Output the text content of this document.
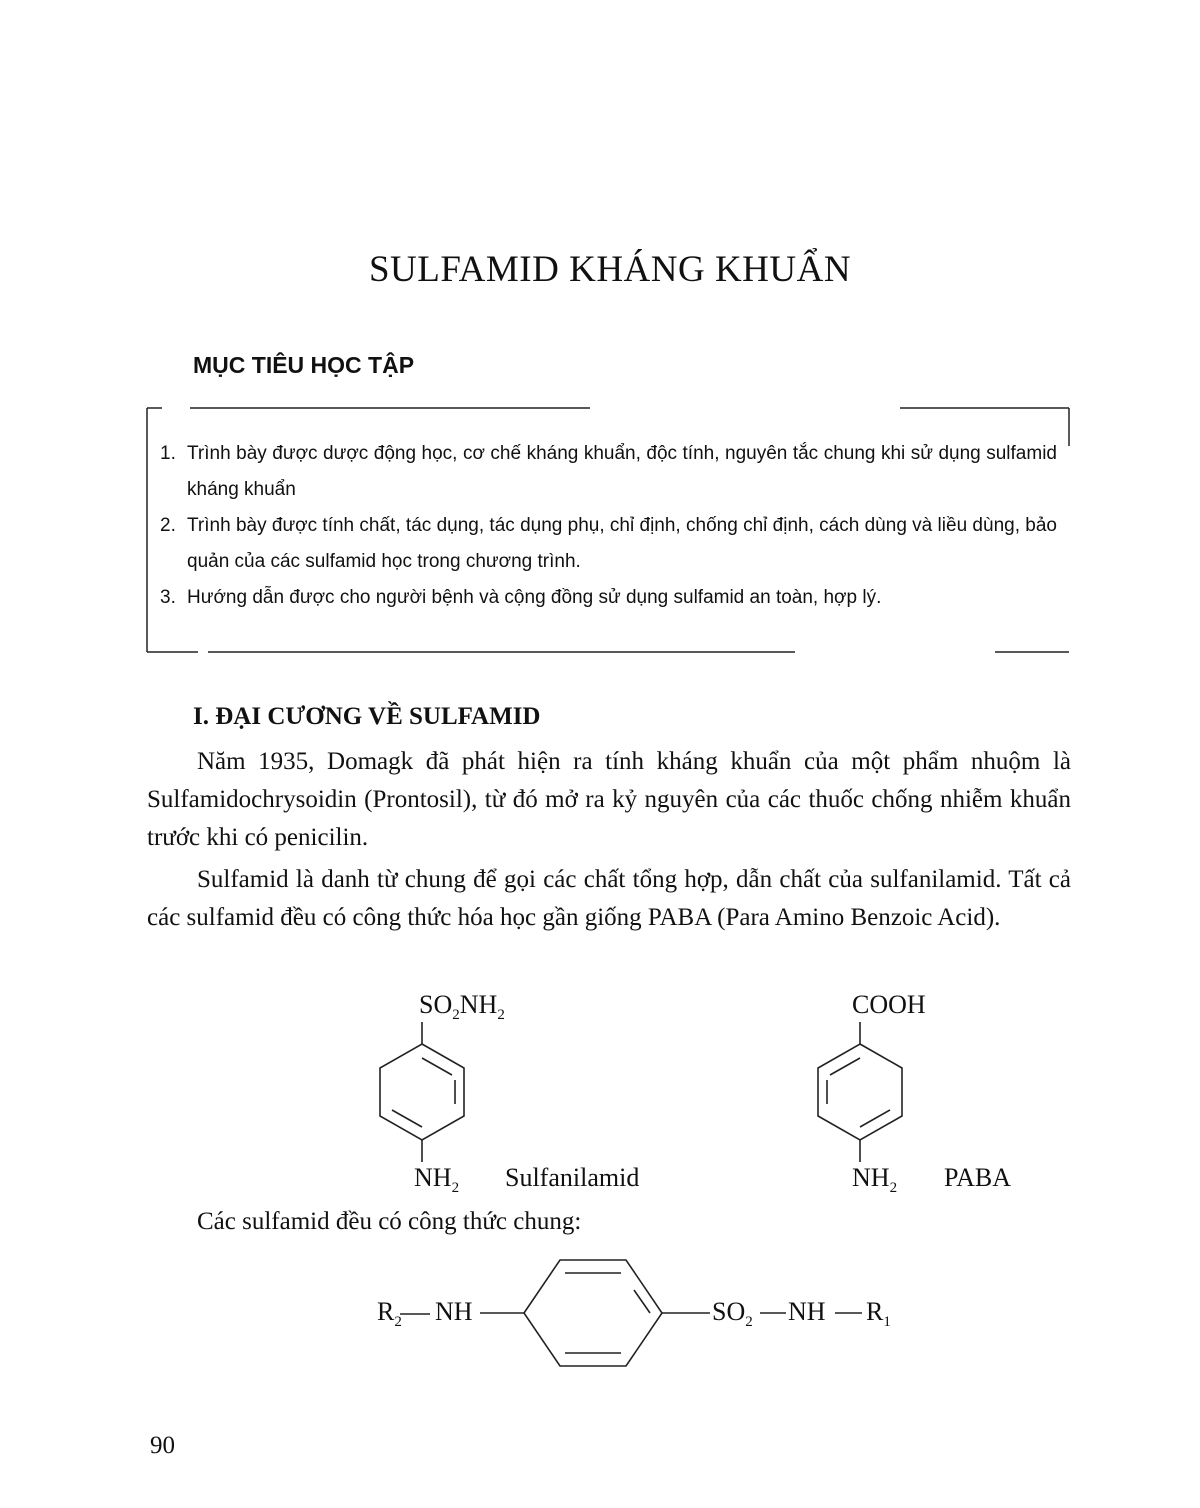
SULFAMID KHÁNG KHUẨN
MỤC TIÊU HỌC TẬP
1. Trình bày được dược động học, cơ chế kháng khuẩn, độc tính, nguyên tắc chung khi sử dụng sulfamid kháng khuẩn
2. Trình bày được tính chất, tác dụng, tác dụng phụ, chỉ định, chống chỉ định, cách dùng và liều dùng, bảo quản của các sulfamid học trong chương trình.
3. Hướng dẫn được cho người bệnh và cộng đồng sử dụng sulfamid an toàn, hợp lý.
I. ĐẠI CƯƠNG VỀ SULFAMID
Năm 1935, Domagk đã phát hiện ra tính kháng khuẩn của một phẩm nhuộm là Sulfamidochrysoidin (Prontosil), từ đó mở ra kỷ nguyên của các thuốc chống nhiễm khuẩn trước khi có penicilin.
Sulfamid là danh từ chung để gọi các chất tổng hợp, dẫn chất của sulfanilamid. Tất cả các sulfamid đều có công thức hóa học gần giống PABA (Para Amino Benzoic Acid).
$SO_2NH_2$
$NH_2$ Sulfanilamid
COOH
$NH_2$ PABA
Các sulfamid đều có công thức chung:
$R_2$ NH	$SO_2$ NH $R_1$
90
